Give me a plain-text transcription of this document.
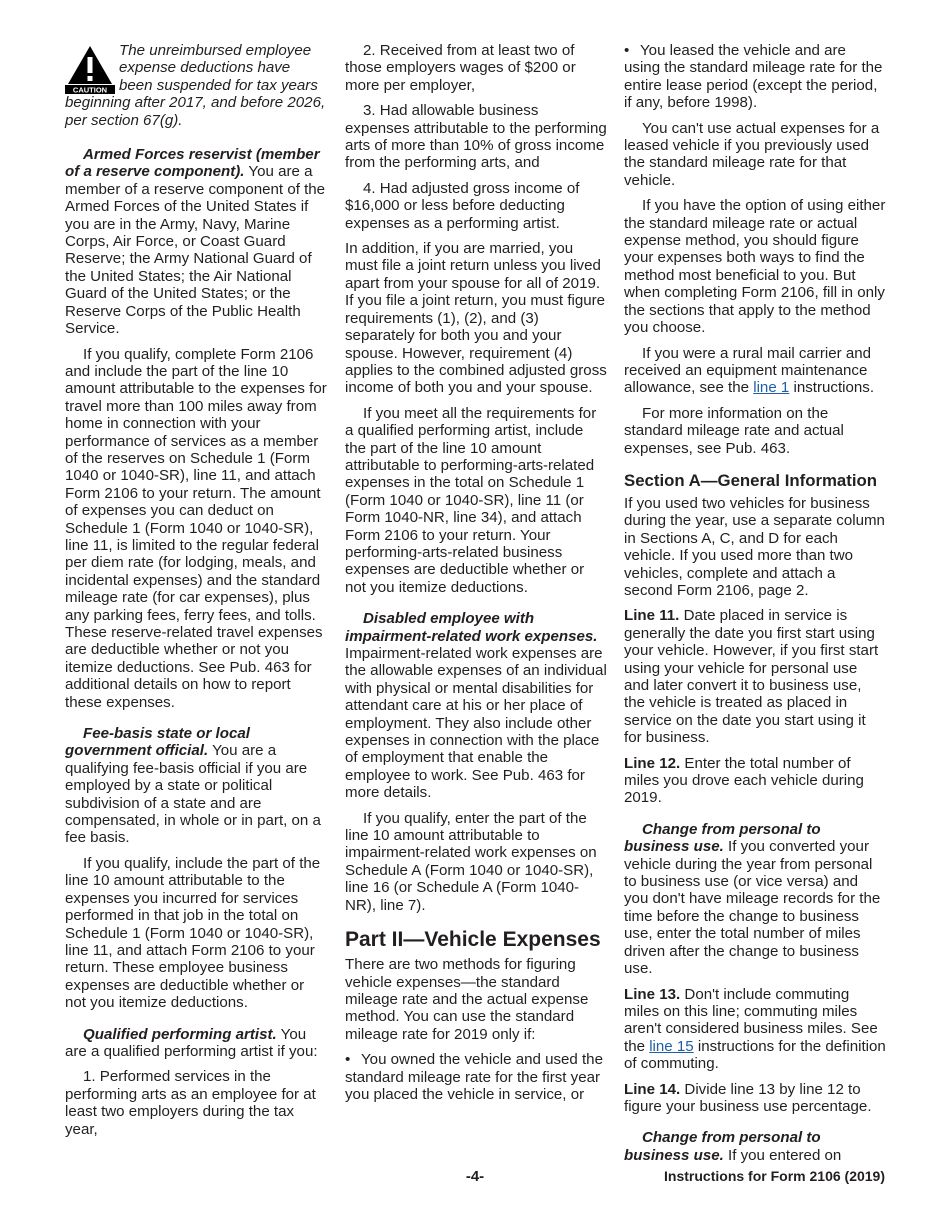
CAUTION

The unreimbursed employee expense deductions have been suspended for tax years beginning after 2017, and before 2026, per section 67(g).

Armed Forces reservist (member of a reserve component). You are a member of a reserve component of the Armed Forces of the United States if you are in the Army, Navy, Marine Corps, Air Force, or Coast Guard Reserve; the Army National Guard of the United States; the Air National Guard of the United States; or the Reserve Corps of the Public Health Service.

If you qualify, complete Form 2106 and include the part of the line 10 amount attributable to the expenses for travel more than 100 miles away from home in connection with your performance of services as a member of the reserves on Schedule 1 (Form 1040 or 1040-SR), line 11, and attach Form 2106 to your return. The amount of expenses you can deduct on Schedule 1 (Form 1040 or 1040-SR), line 11, is limited to the regular federal per diem rate (for lodging, meals, and incidental expenses) and the standard mileage rate (for car expenses), plus any parking fees, ferry fees, and tolls. These reserve-related travel expenses are deductible whether or not you itemize deductions. See Pub. 463 for additional details on how to report these expenses.

Fee-basis state or local government official. You are a qualifying fee-basis official if you are employed by a state or political subdivision of a state and are compensated, in whole or in part, on a fee basis.

If you qualify, include the part of the line 10 amount attributable to the expenses you incurred for services performed in that job in the total on Schedule 1 (Form 1040 or 1040-SR), line 11, and attach Form 2106 to your return. These employee business expenses are deductible whether or not you itemize deductions.

Qualified performing artist. You are a qualified performing artist if you:

1. Performed services in the performing arts as an employee for at least two employers during the tax year,

2. Received from at least two of those employers wages of $200 or more per employer,

3. Had allowable business expenses attributable to the performing arts of more than 10% of gross income from the performing arts, and

4. Had adjusted gross income of $16,000 or less before deducting expenses as a performing artist.

In addition, if you are married, you must file a joint return unless you lived apart from your spouse for all of 2019. If you file a joint return, you must figure requirements (1), (2), and (3) separately for both you and your spouse. However, requirement (4) applies to the combined adjusted gross income of both you and your spouse.

If you meet all the requirements for a qualified performing artist, include the part of the line 10 amount attributable to performing-arts-related expenses in the total on Schedule 1 (Form 1040 or 1040-SR), line 11 (or Form 1040-NR, line 34), and attach Form 2106 to your return. Your performing-arts-related business expenses are deductible whether or not you itemize deductions.

Disabled employee with impairment-related work expenses. Impairment-related work expenses are the allowable expenses of an individual with physical or mental disabilities for attendant care at his or her place of employment. They also include other expenses in connection with the place of employment that enable the employee to work. See Pub. 463 for more details.

If you qualify, enter the part of the line 10 amount attributable to impairment-related work expenses on Schedule A (Form 1040 or 1040-SR), line 16 (or Schedule A (Form 1040-NR), line 7).

Part II—Vehicle Expenses

There are two methods for figuring vehicle expenses—the standard mileage rate and the actual expense method. You can use the standard mileage rate for 2019 only if:

• You owned the vehicle and used the standard mileage rate for the first year you placed the vehicle in service, or

• You leased the vehicle and are using the standard mileage rate for the entire lease period (except the period, if any, before 1998).

You can't use actual expenses for a leased vehicle if you previously used the standard mileage rate for that vehicle.

If you have the option of using either the standard mileage rate or actual expense method, you should figure your expenses both ways to find the method most beneficial to you. But when completing Form 2106, fill in only the sections that apply to the method you choose.

If you were a rural mail carrier and received an equipment maintenance allowance, see the line 1 instructions.

For more information on the standard mileage rate and actual expenses, see Pub. 463.

Section A—General Information

If you used two vehicles for business during the year, use a separate column in Sections A, C, and D for each vehicle. If you used more than two vehicles, complete and attach a second Form 2106, page 2.

Line 11. Date placed in service is generally the date you first start using your vehicle. However, if you first start using your vehicle for personal use and later convert it to business use, the vehicle is treated as placed in service on the date you start using it for business.

Line 12. Enter the total number of miles you drove each vehicle during 2019.

Change from personal to business use. If you converted your vehicle during the year from personal to business use (or vice versa) and you don't have mileage records for the time before the change to business use, enter the total number of miles driven after the change to business use.

Line 13. Don't include commuting miles on this line; commuting miles aren't considered business miles. See the line 15 instructions for the definition of commuting.

Line 14. Divide line 13 by line 12 to figure your business use percentage.

Change from personal to business use. If you entered on

-4-	Instructions for Form 2106 (2019)
